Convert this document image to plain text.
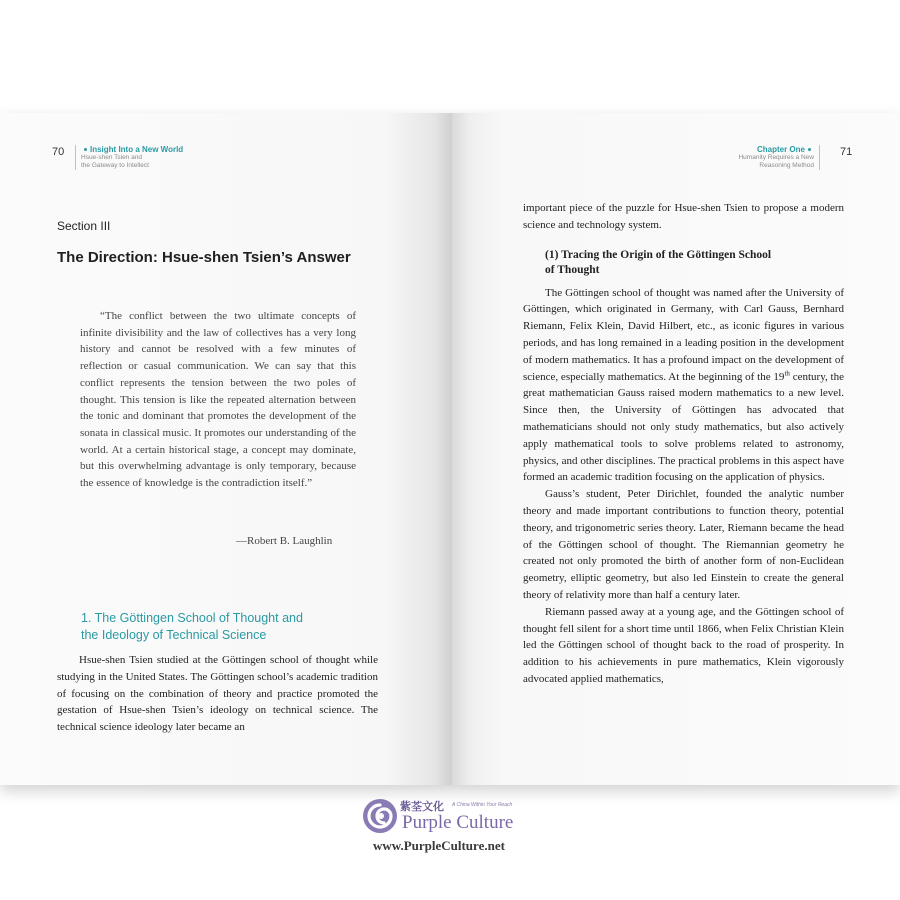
70	Insight Into a New World
Hsue-shen Tsien and
the Gateway to Intellect
Section III
The Direction: Hsue-shen Tsien’s Answer
“The conflict between the two ultimate concepts of infinite divisibility and the law of collectives has a very long history and cannot be resolved with a few minutes of reflection or casual communication. We can say that this conflict represents the tension between the two poles of thought. This tension is like the repeated alternation between the tonic and dominant that promotes the development of the sonata in classical music. It promotes our understanding of the world. At a certain historical stage, a concept may dominate, but this overwhelming advantage is only temporary, because the essence of knowledge is the contradiction itself.”
—Robert B. Laughlin
1. The Göttingen School of Thought and
the Ideology of Technical Science

Hsue-shen Tsien studied at the Göttingen school of thought while studying in the United States. The Göttingen school’s academic tradition of focusing on the combination of theory and practice promoted the gestation of Hsue-shen Tsien’s ideology on technical science. The technical science ideology later became an

Chapter One
Humanity Requires a New
Reasoning Method
71

important piece of the puzzle for Hsue-shen Tsien to propose a modern science and technology system.

(1) Tracing the Origin of the Göttingen School
of Thought

The Göttingen school of thought was named after the University of Göttingen, which originated in Germany, with Carl Gauss, Bernhard Riemann, Felix Klein, David Hilbert, etc., as iconic figures in various periods, and has long remained in a leading position in the development of modern mathematics. It has a profound impact on the development of science, especially mathematics. At the beginning of the 19th century, the great mathematician Gauss raised modern mathematics to a new level. Since then, the University of Göttingen has advocated that mathematicians should not only study mathematics, but also actively apply mathematical tools to solve problems related to astronomy, physics, and other disciplines. The practical problems in this aspect have formed an academic tradition focusing on the application of physics.

Gauss’s student, Peter Dirichlet, founded the analytic number theory and made important contributions to function theory, potential theory, and trigonometric series theory. Later, Riemann became the head of the Göttingen school of thought. The Riemannian geometry he created not only promoted the birth of another form of non-Euclidean geometry, elliptic geometry, but also led Einstein to create the general theory of relativity more than half a century later.

Riemann passed away at a young age, and the Göttingen school of thought fell silent for a short time until 1866, when Felix Christian Klein led the Göttingen school of thought back to the road of prosperity. In addition to his achievements in pure mathematics, Klein vigorously advocated applied mathematics,

紫荃文化 A China Within Your Reach
Purple Culture
www.PurpleCulture.net
